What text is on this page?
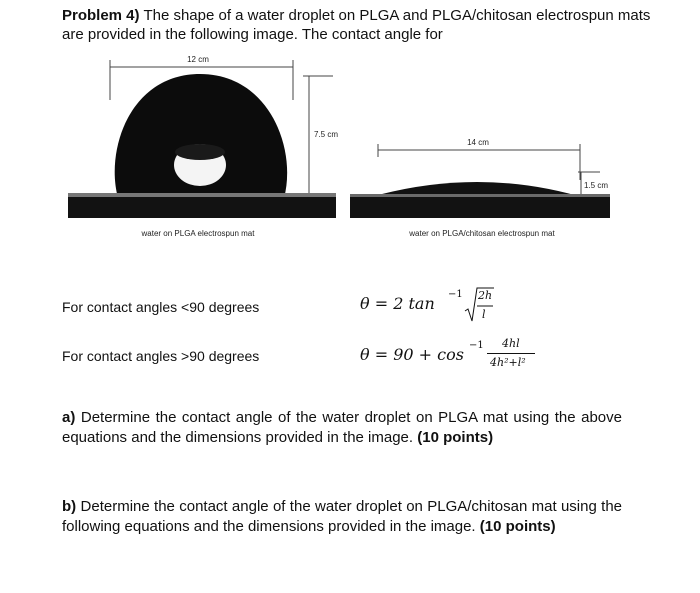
Problem 4) The shape of a water droplet on PLGA and PLGA/chitosan electrospun mats are provided in the following image. The contact angle for
12 cm
7.5 cm
water on PLGA electrospun mat
14 cm
1.5 cm
water on PLGA/chitosan electrospun mat
For contact angles <90 degrees
For contact angles >90 degrees
θ = 2 tan −1 2h
l
θ = 90 + cos −1 4hl
4h²+l²
a) Determine the contact angle of the water droplet on PLGA mat using the above equations and the dimensions provided in the image. (10 points)
b) Determine the contact angle of the water droplet on PLGA/chitosan mat using the following equations and the dimensions provided in the image. (10 points)
